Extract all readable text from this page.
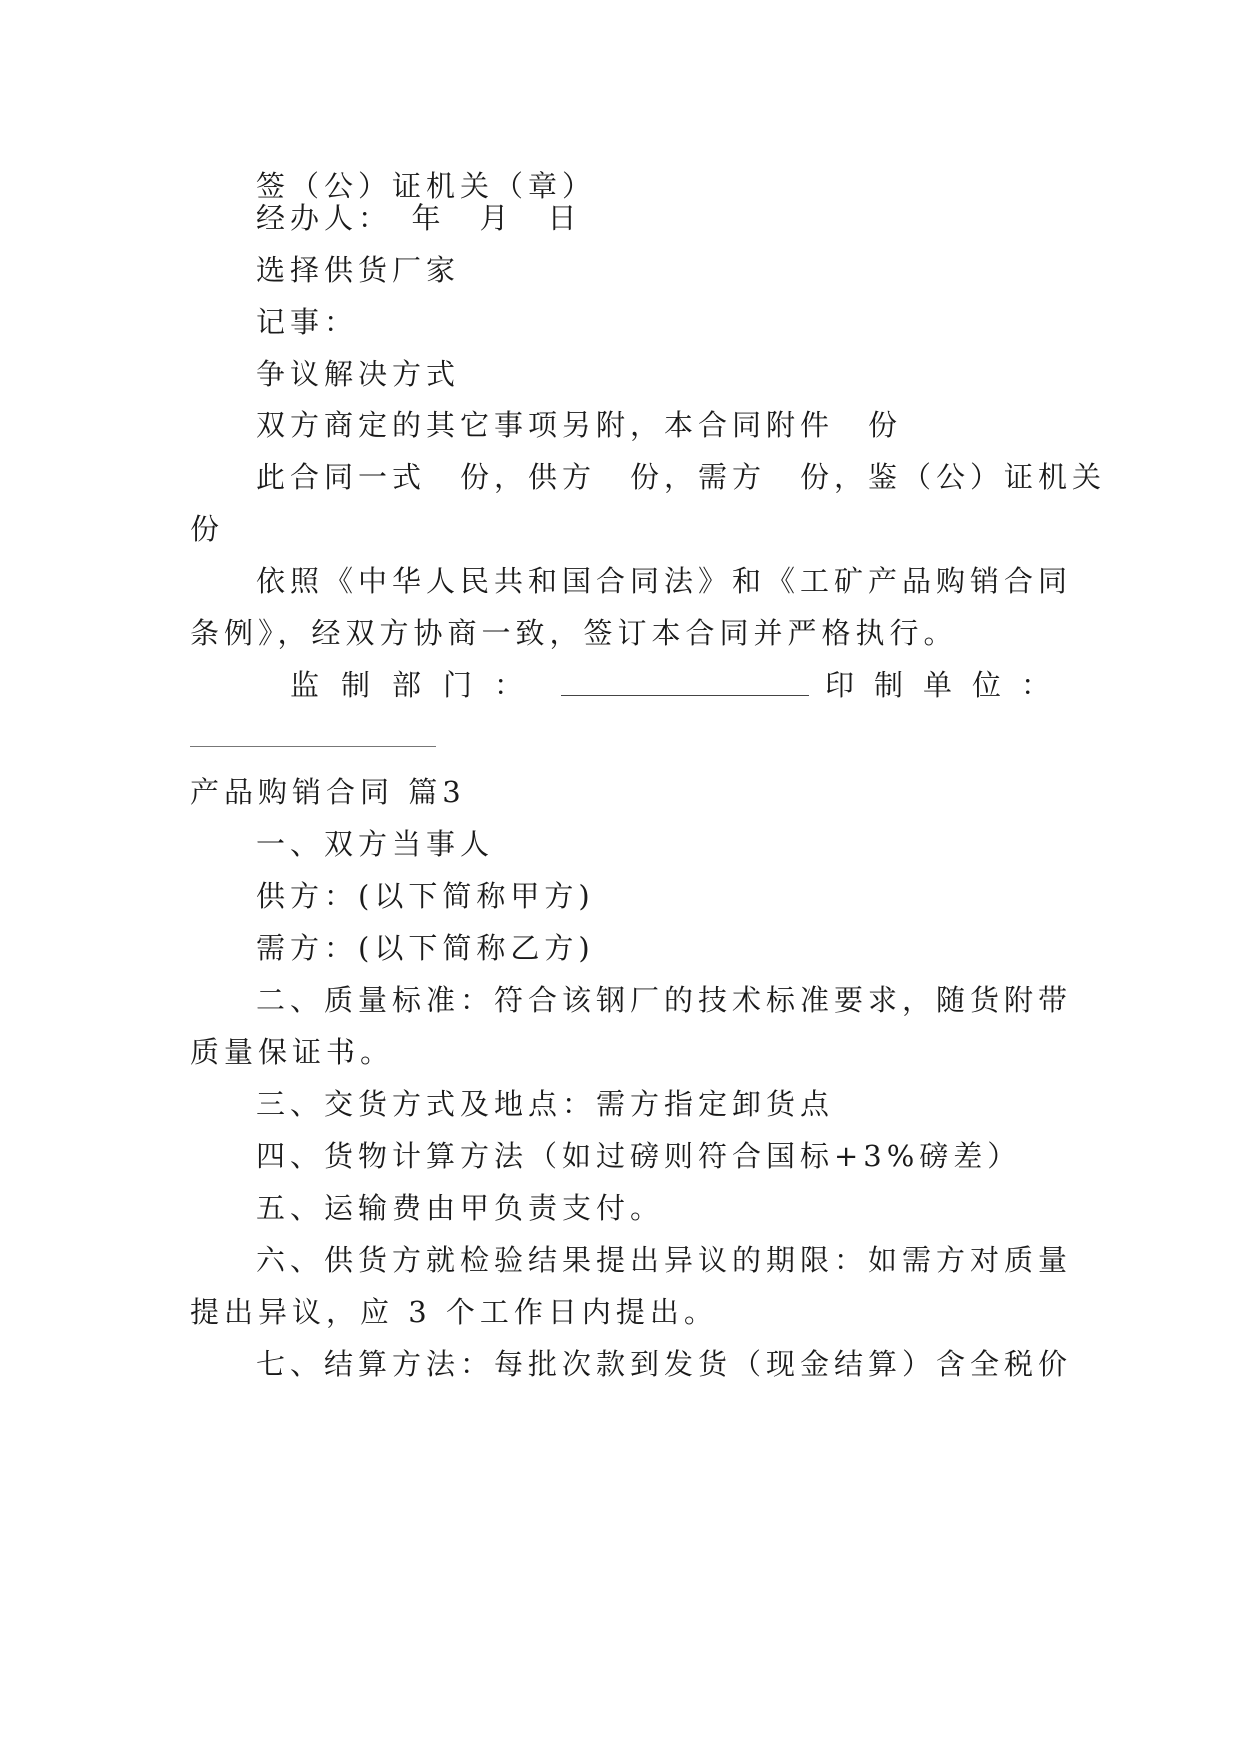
签（公）证机关（章）
经办人：　年　月　日
选择供货厂家
记事：
争议解决方式
双方商定的其它事项另附，本合同附件　份
此合同一式　份，供方　份，需方　份，鉴（公）证机关
份
依照《中华人民共和国合同法》和《工矿产品购销合同
条例》，经双方协商一致，签订本合同并严格执行。
监制部门：	印制单位：
产品购销合同 篇3
一、双方当事人
供方：(以下简称甲方)
需方：(以下简称乙方)
二、质量标准：符合该钢厂的技术标准要求，随货附带
质量保证书。
三、交货方式及地点：需方指定卸货点
四、货物计算方法（如过磅则符合国标+3%磅差）
五、运输费由甲负责支付。
六、供货方就检验结果提出异议的期限：如需方对质量
提出异议，应 3 个工作日内提出。
七、结算方法：每批次款到发货（现金结算）含全税价
